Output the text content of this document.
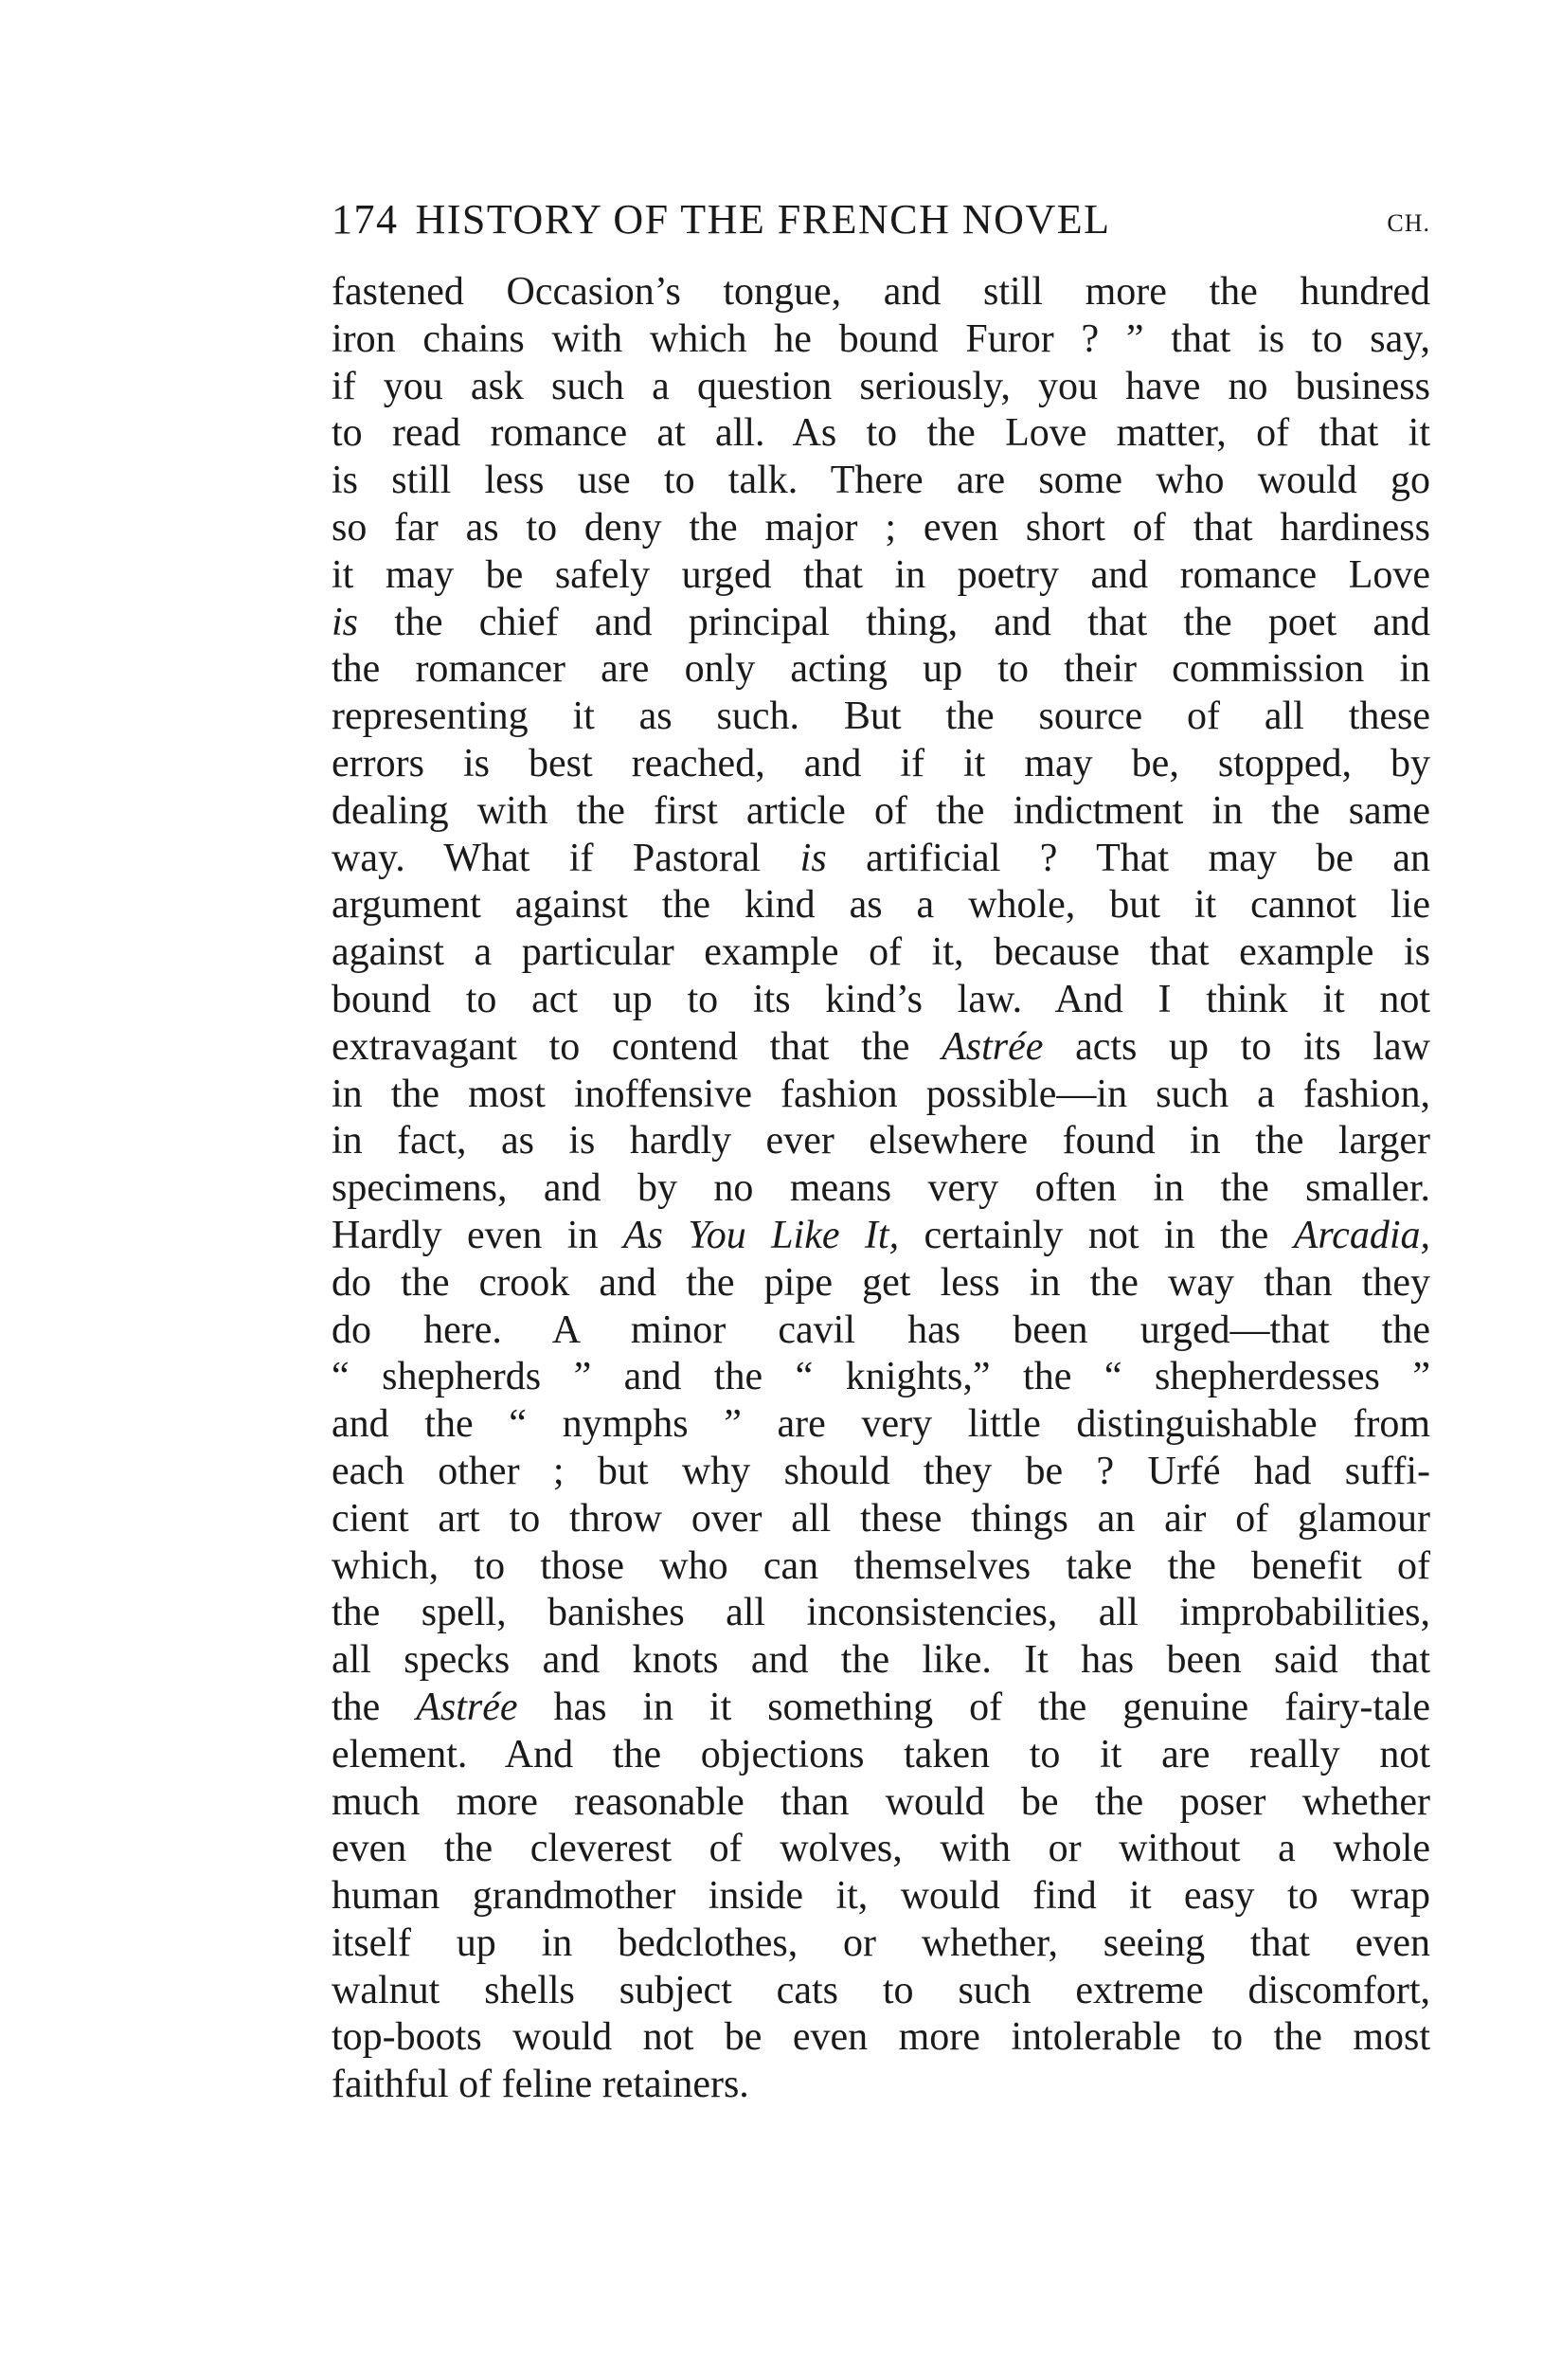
174 HISTORY OF THE FRENCH NOVEL	CH.
fastened Occasion’s tongue, and still more the hundred
iron chains with which he bound Furor ? ” that is to say,
if you ask such a question seriously, you have no business
to read romance at all. As to the Love matter, of that it
is still less use to talk. There are some who would go
so far as to deny the major ; even short of that hardiness
it may be safely urged that in poetry and romance Love
is the chief and principal thing, and that the poet and
the romancer are only acting up to their commission in
representing it as such. But the source of all these
errors is best reached, and if it may be, stopped, by
dealing with the first article of the indictment in the same
way. What if Pastoral is artificial ? That may be an
argument against the kind as a whole, but it cannot lie
against a particular example of it, because that example is
bound to act up to its kind’s law. And I think it not
extravagant to contend that the Astrée acts up to its law
in the most inoffensive fashion possible—in such a fashion,
in fact, as is hardly ever elsewhere found in the larger
specimens, and by no means very often in the smaller.
Hardly even in As You Like It, certainly not in the Arcadia,
do the crook and the pipe get less in the way than they
do here. A minor cavil has been urged—that the
“ shepherds ” and the “ knights,” the “ shepherdesses ”
and the “ nymphs ” are very little distinguishable from
each other ; but why should they be ? Urfé had suffi-
cient art to throw over all these things an air of glamour
which, to those who can themselves take the benefit of
the spell, banishes all inconsistencies, all improbabilities,
all specks and knots and the like. It has been said that
the Astrée has in it something of the genuine fairy-tale
element. And the objections taken to it are really not
much more reasonable than would be the poser whether
even the cleverest of wolves, with or without a whole
human grandmother inside it, would find it easy to wrap
itself up in bedclothes, or whether, seeing that even
walnut shells subject cats to such extreme discomfort,
top-boots would not be even more intolerable to the most
faithful of feline retainers.
